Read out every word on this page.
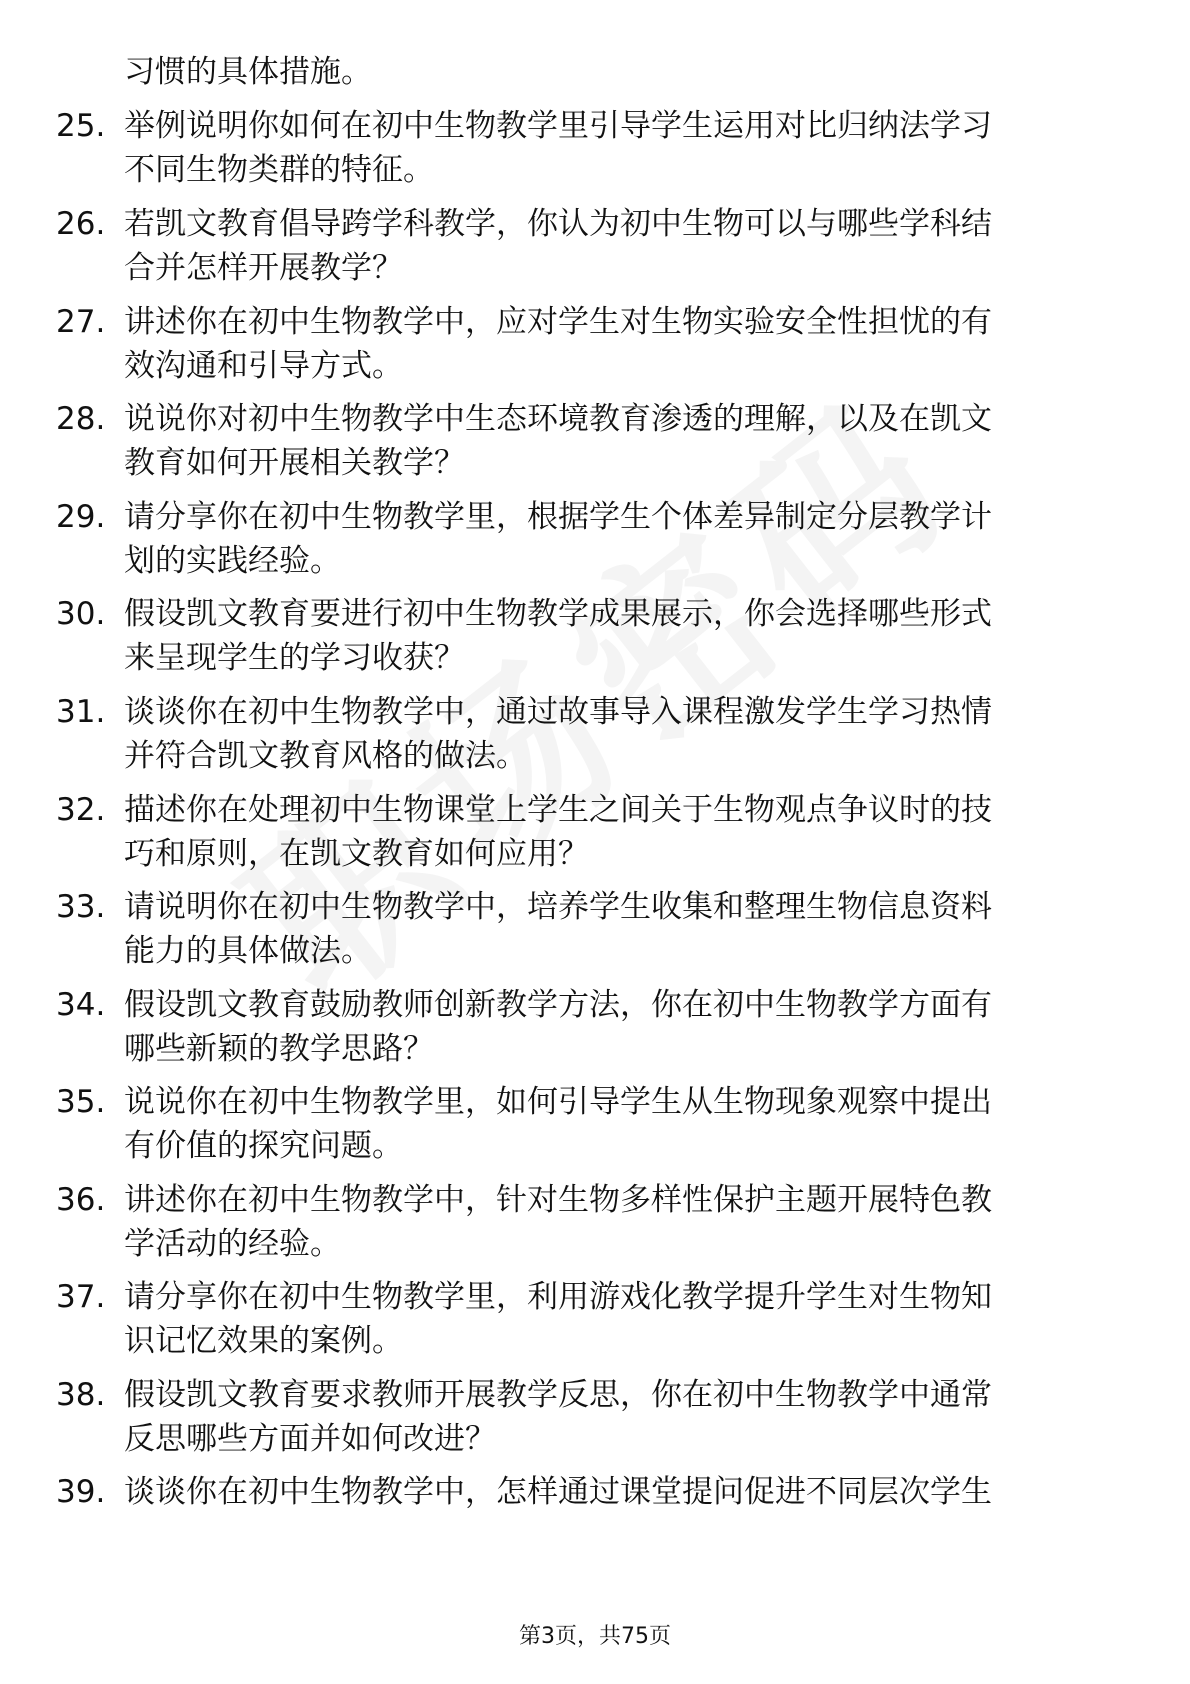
习惯的具体措施。
25. 举例说明你如何在初中生物教学里引导学生运用对比归纳法学习
不同生物类群的特征。
26. 若凯文教育倡导跨学科教学，你认为初中生物可以与哪些学科结
合并怎样开展教学？
27. 讲述你在初中生物教学中，应对学生对生物实验安全性担忧的有
效沟通和引导方式。
28. 说说你对初中生物教学中生态环境教育渗透的理解，以及在凯文
教育如何开展相关教学？
29. 请分享你在初中生物教学里，根据学生个体差异制定分层教学计
划的实践经验。
30. 假设凯文教育要进行初中生物教学成果展示，你会选择哪些形式
来呈现学生的学习收获？
31. 谈谈你在初中生物教学中，通过故事导入课程激发学生学习热情
并符合凯文教育风格的做法。
32. 描述你在处理初中生物课堂上学生之间关于生物观点争议时的技
巧和原则，在凯文教育如何应用？
33. 请说明你在初中生物教学中，培养学生收集和整理生物信息资料
能力的具体做法。
34. 假设凯文教育鼓励教师创新教学方法，你在初中生物教学方面有
哪些新颖的教学思路？
35. 说说你在初中生物教学里，如何引导学生从生物现象观察中提出
有价值的探究问题。
36. 讲述你在初中生物教学中，针对生物多样性保护主题开展特色教
学活动的经验。
37. 请分享你在初中生物教学里，利用游戏化教学提升学生对生物知
识记忆效果的案例。
38. 假设凯文教育要求教师开展教学反思，你在初中生物教学中通常
反思哪些方面并如何改进？
39. 谈谈你在初中生物教学中，怎样通过课堂提问促进不同层次学生
第3页，共75页
